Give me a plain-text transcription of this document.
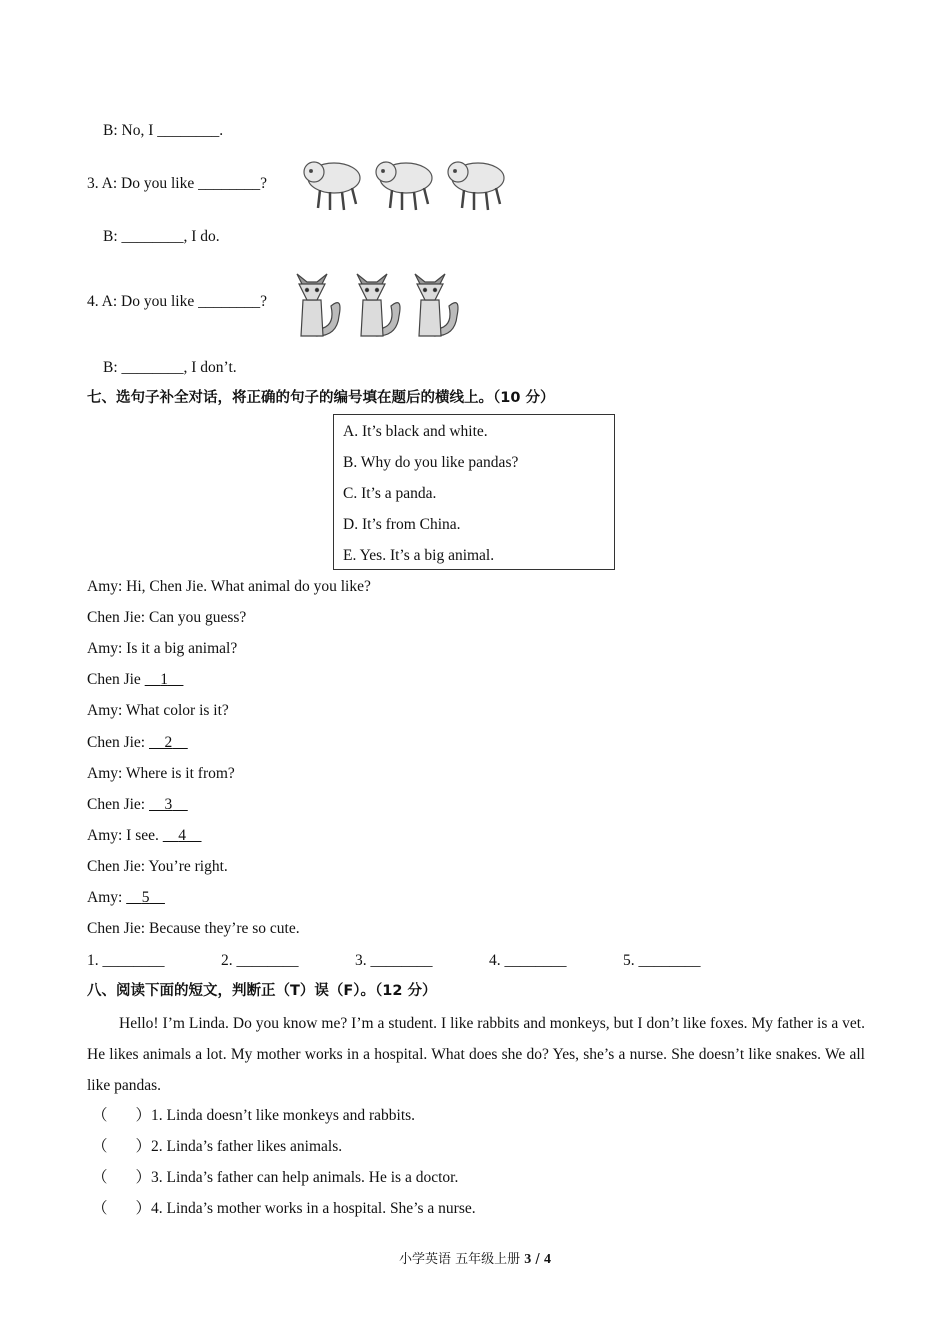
B: No, I ________.
3. A: Do you like ________?
B: ________, I do.
4. A: Do you like ________?
B: ________, I don’t.
七、选句子补全对话，将正确的句子的编号填在题后的横线上。（10 分）
A. It’s black and white.
B. Why do you like pandas?
C. It’s a panda.
D. It’s from China.
E. Yes. It’s a big animal.
Amy: Hi, Chen Jie. What animal do you like?
Chen Jie: Can you guess?
Amy: Is it a big animal?
Chen Jie     1
Amy: What color is it?
Chen Jie:     2
Amy: Where is it from?
Chen Jie:     3
Amy: I see.     4
Chen Jie: You’re right.
Amy:     5
Chen Jie: Because they’re so cute.
1. ________	2. ________	3. ________	4. ________	5. ________
八、阅读下面的短文，判断正（T）误（F）。（12 分）
Hello! I’m Linda. Do you know me? I’m a student. I like rabbits and monkeys, but I don’t like foxes. My father is a vet. He likes animals a lot. My mother works in a hospital. What does she do? Yes, she’s a nurse. She doesn’t like snakes. We all like pandas.
（ ）1. Linda doesn’t like monkeys and rabbits.
（ ）2. Linda’s father likes animals.
（ ）3. Linda’s father can help animals. He is a doctor.
（ ）4. Linda’s mother works in a hospital. She’s a nurse.
小学英语 五年级上册 3 / 4
